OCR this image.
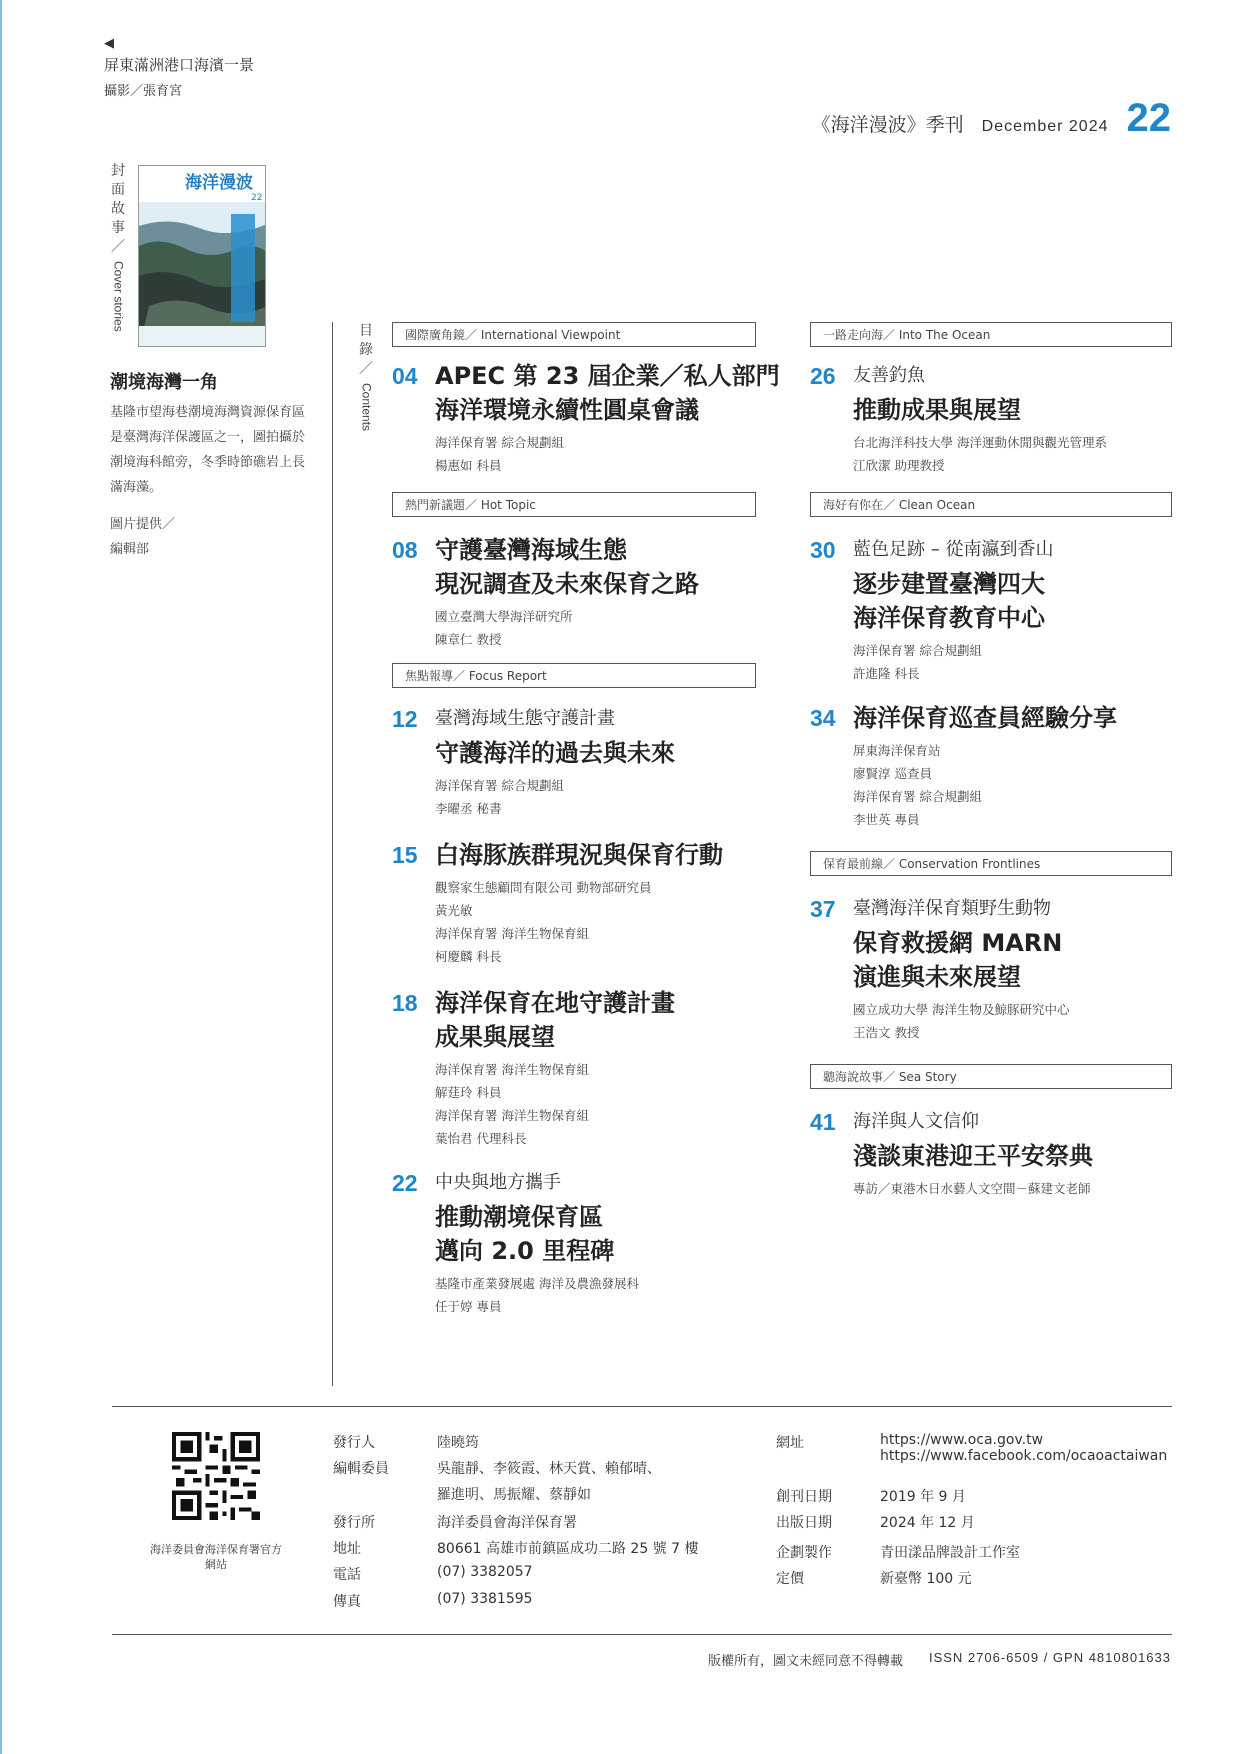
◀
屏東滿洲港口海濱一景
攝影／張育宮
《海洋漫波》季刊 December 2024 22
封
面
故
事
／
Cover stories
海洋漫波
22
潮境海灣一角
基隆市望海巷潮境海灣資源保育區是臺灣海洋保護區之一，圖拍攝於潮境海科館旁，冬季時節礁岩上長滿海藻。
圖片提供／
編輯部
目
錄
／
Contents
國際廣角鏡／ International Viewpoint
04 APEC 第 23 屆企業／私人部門
海洋環境永續性圓桌會議
海洋保育署 綜合規劃組
楊惠如 科員
熱門新議題／ Hot Topic
08 守護臺灣海域生態
現況調查及未來保育之路
國立臺灣大學海洋研究所
陳章仁 教授
焦點報導／ Focus Report
12 臺灣海域生態守護計畫
守護海洋的過去與未來
海洋保育署 綜合規劃組
李曜丞 秘書
15 白海豚族群現況與保育行動
觀察家生態顧問有限公司 動物部研究員
黃光敏
海洋保育署 海洋生物保育組
柯慶麟 科長
18 海洋保育在地守護計畫
成果與展望
海洋保育署 海洋生物保育組
解莛玲 科員
海洋保育署 海洋生物保育組
葉怡君 代理科長
22 中央與地方攜手
推動潮境保育區
邁向 2.0 里程碑
基隆市產業發展處 海洋及農漁發展科
任于婷 專員
一路走向海／ Into The Ocean
26 友善釣魚
推動成果與展望
台北海洋科技大學 海洋運動休閒與觀光管理系
江欣潔 助理教授
海好有你在／ Clean Ocean
30 藍色足跡 – 從南瀛到香山
逐步建置臺灣四大
海洋保育教育中心
海洋保育署 綜合規劃組
許進隆 科長
34 海洋保育巡查員經驗分享
屏東海洋保育站
廖賢淳 巡查員
海洋保育署 綜合規劃組
李世英 專員
保育最前線／ Conservation Frontlines
37 臺灣海洋保育類野生動物
保育救援網 MARN
演進與未來展望
國立成功大學 海洋生物及鯨豚研究中心
王浩文 教授
聽海說故事／ Sea Story
41 海洋與人文信仰
淺談東港迎王平安祭典
專訪／東港木日水藝人文空間－蘇建文老師
海洋委員會海洋保育署官方網站
發行人	陸曉筠
編輯委員	吳龍靜、李筱霞、林天賞、賴郁晴、
羅進明、馬振耀、蔡靜如
發行所	海洋委員會海洋保育署
地址	80661 高雄市前鎮區成功二路 25 號 7 樓
電話	(07) 3382057
傳真	(07) 3381595
網址	https://www.oca.gov.tw
https://www.facebook.com/ocaoactaiwan
創刊日期	2019 年 9 月
出版日期	2024 年 12 月
企劃製作	青田漾品牌設計工作室
定價	新臺幣 100 元
版權所有，圖文未經同意不得轉載 ISSN 2706-6509 / GPN 4810801633
